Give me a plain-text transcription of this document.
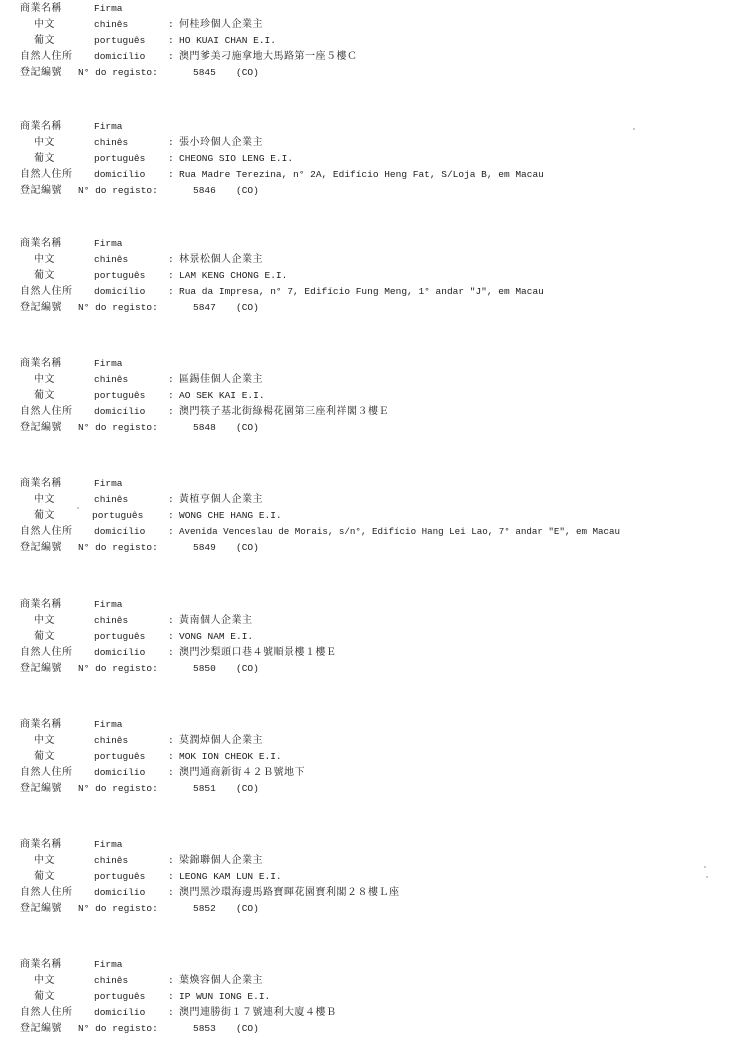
商業名稱	Firma
中文	chinês	: 何桂珍個人企業主
葡文	português : HO KUAI CHAN E.I.
自然人住所 domicílio : 澳門爹美刁施拿地大馬路第一座５樓Ｃ
登記編號 N° do registo:	5845 (CO)
商業名稱	Firma
中文	chinês	: 張小玲個人企業主
葡文	português : CHEONG SIO LENG E.I.
自然人住所 domicílio : Rua Madre Terezina, n° 2A, Edifício Heng Fat, S/Loja B, em Macau
登記編號 N° do registo:	5846 (CO)
商業名稱	Firma
中文	chinês	: 林景松個人企業主
葡文	português : LAM KENG CHONG E.I.
自然人住所 domicílio : Rua da Impresa, n° 7, Edifício Fung Meng, 1° andar "J", em Macau
登記編號 N° do registo:	5847 (CO)
商業名稱	Firma
中文	chinês	: 區錫佳個人企業主
葡文	português : AO SEK KAI E.I.
自然人住所 domicílio : 澳門筷子基北街綠楊花園第三座利祥閣３樓Ｅ
登記編號 N° do registo:	5848 (CO)
商業名稱	Firma
中文	chinês	: 黃植亨個人企業主
葡文	português	: WONG CHE HANG E.I.
自然人住所 domicílio : Avenida Venceslau de Morais, s/n°, Edifício Hang Lei Lao, 7° andar "E", em Macau
登記編號 N° do registo:	5849 (CO)
商業名稱	Firma
中文	chinês	: 黃南個人企業主
葡文	português : VONG NAM E.I.
自然人住所 domicílio : 澳門沙梨頭口巷４號順景樓１樓Ｅ
登記編號 N° do registo:	5850 (CO)
商業名稱	Firma
中文	chinês	: 莫潤焯個人企業主
葡文	português : MOK ION CHEOK E.I.
自然人住所 domicílio : 澳門通商新街４２Ｂ號地下
登記編號 N° do registo:	5851 (CO)
商業名稱	Firma
中文	chinês	: 梁錦聯個人企業主
葡文	português : LEONG KAM LUN E.I.
自然人住所 domicílio : 澳門黑沙環海邊馬路寶暉花園寶利閣２８樓Ｌ座
登記編號 N° do registo:	5852 (CO)
商業名稱	Firma
中文	chinês	: 葉煥容個人企業主
葡文	português : IP WUN IONG E.I.
自然人住所 domicílio : 澳門連勝街１７號連利大廈４樓Ｂ
登記編號 N° do registo:	5853 (CO)
